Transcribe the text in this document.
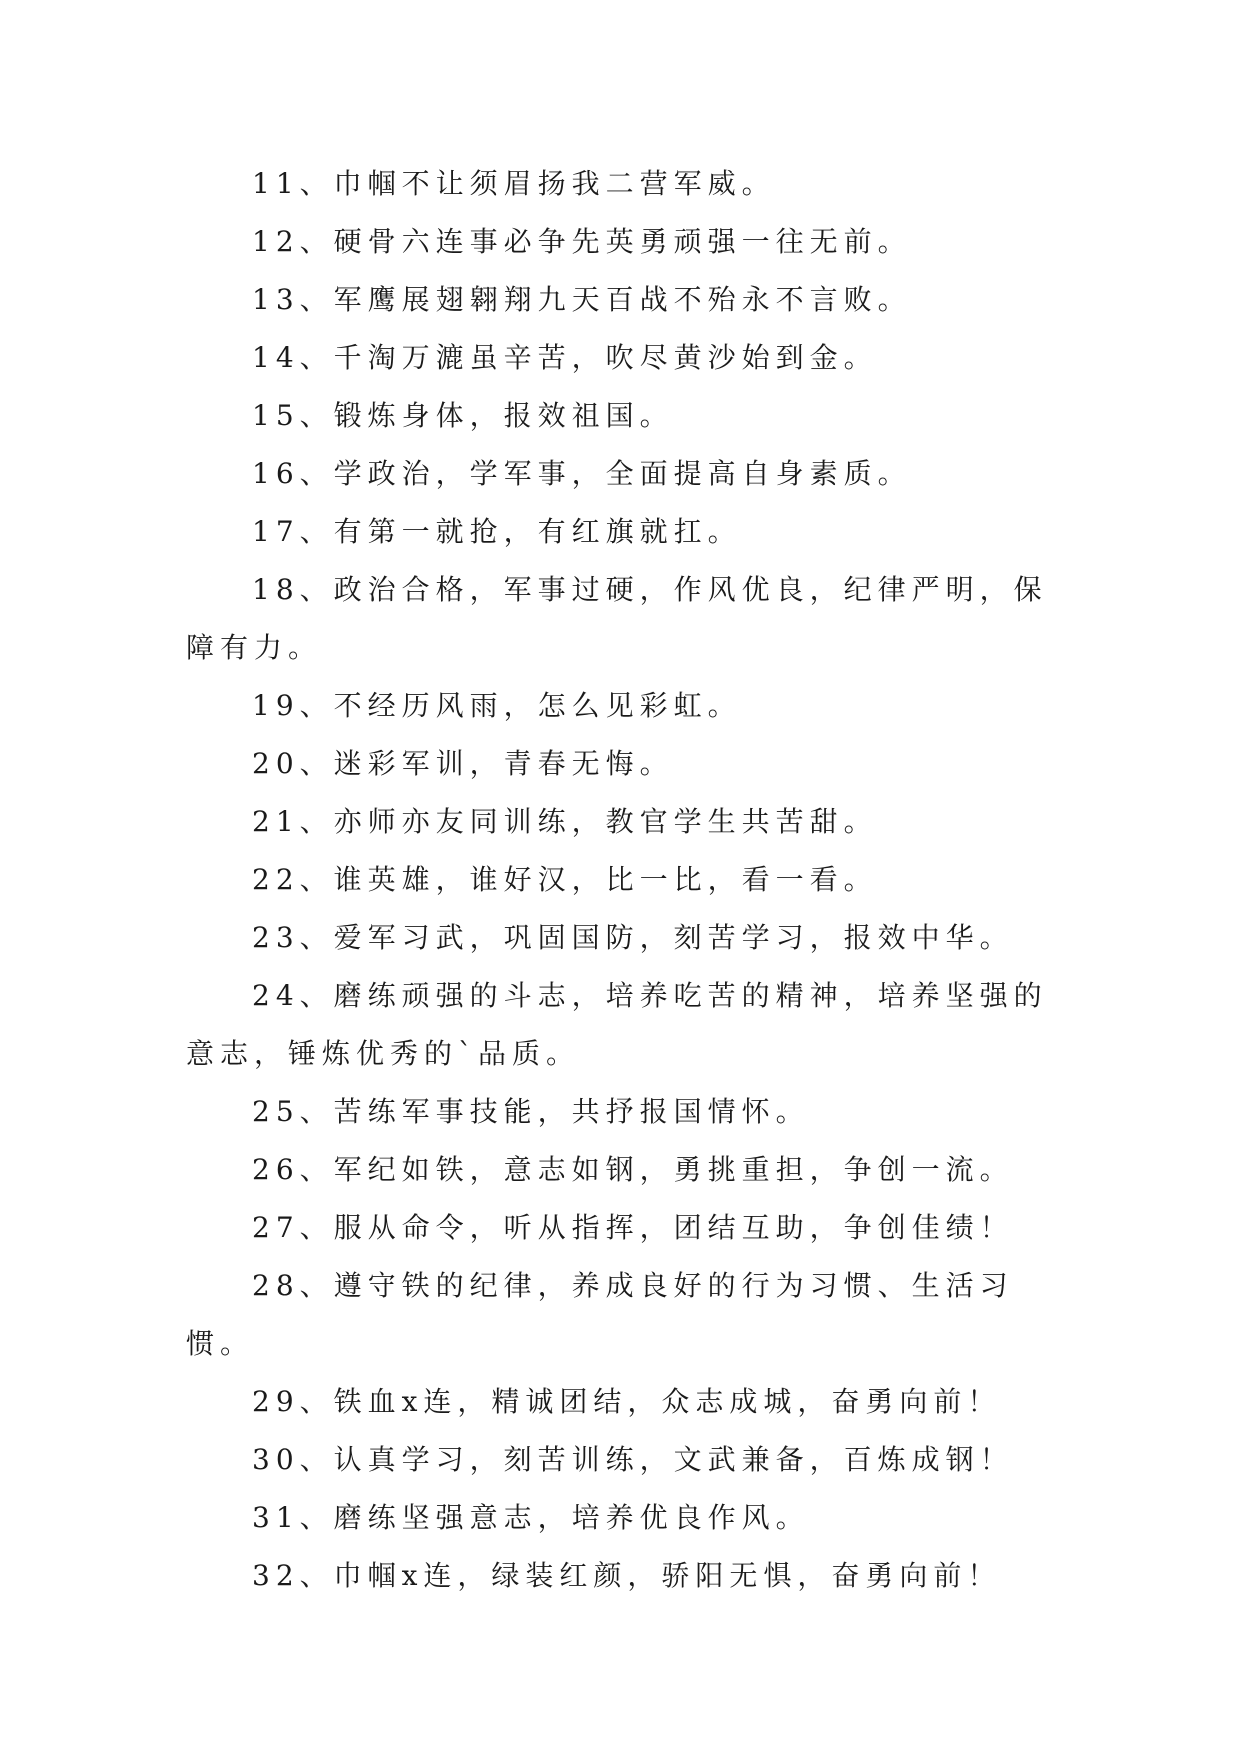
11、巾帼不让须眉扬我二营军威。

12、硬骨六连事必争先英勇顽强一往无前。

13、军鹰展翅翱翔九天百战不殆永不言败。

14、千淘万漉虽辛苦，吹尽黄沙始到金。

15、锻炼身体，报效祖国。

16、学政治，学军事，全面提高自身素质。

17、有第一就抢，有红旗就扛。

18、政治合格，军事过硬，作风优良，纪律严明，保障有力。

19、不经历风雨，怎么见彩虹。

20、迷彩军训，青春无悔。

21、亦师亦友同训练，教官学生共苦甜。

22、谁英雄，谁好汉，比一比，看一看。

23、爱军习武，巩固国防，刻苦学习，报效中华。

24、磨练顽强的斗志，培养吃苦的精神，培养坚强的意志，锤炼优秀的`品质。

25、苦练军事技能，共抒报国情怀。

26、军纪如铁，意志如钢，勇挑重担，争创一流。

27、服从命令，听从指挥，团结互助，争创佳绩！

28、遵守铁的纪律，养成良好的行为习惯、生活习惯。

29、铁血x连，精诚团结，众志成城，奋勇向前！

30、认真学习，刻苦训练，文武兼备，百炼成钢！

31、磨练坚强意志，培养优良作风。

32、巾帼x连，绿装红颜，骄阳无惧，奋勇向前！
